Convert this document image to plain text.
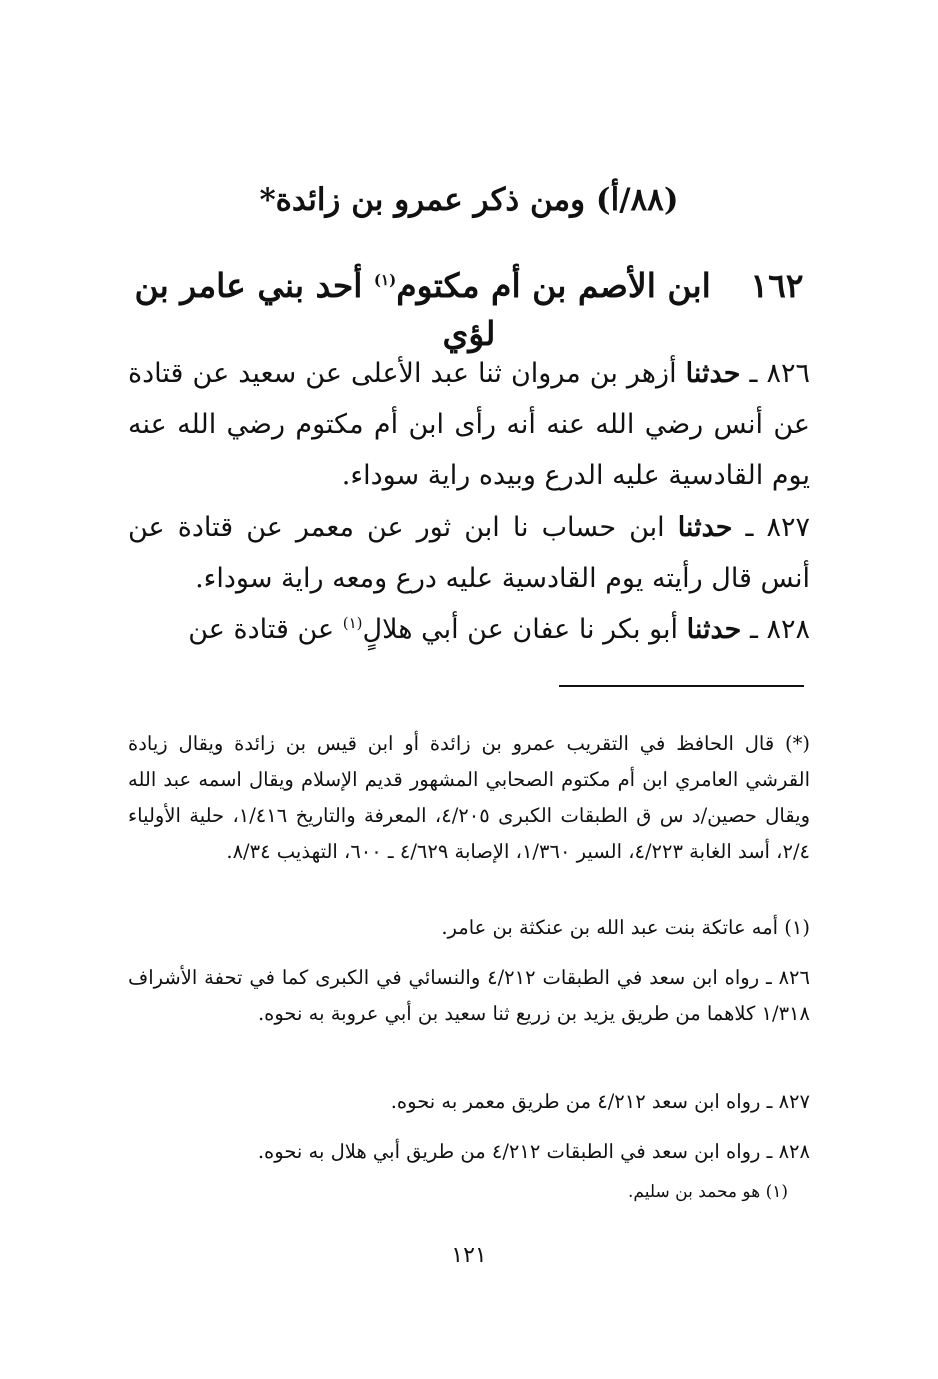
(٨٨/أ) ومن ذكر عمرو بن زائدة*
١٦٢ ابن الأصم بن أم مكتوم$^{(١)}$ أحد بني عامر بن لؤي
٨٢٦ ـ حدثنا أزهر بن مروان ثنا عبد الأعلى عن سعيد عن قتادة عن أنس رضي الله عنه أنه رأى ابن أم مكتوم رضي الله عنه يوم القادسية عليه الدرع وبيده راية سوداء.
٨٢٧ ـ حدثنا ابن حساب نا ابن ثور عن معمر عن قتادة عن أنس قال رأيته يوم القادسية عليه درع ومعه راية سوداء.
٨٢٨ ـ حدثنا أبو بكر نا عفان عن أبي هلالٍ$^{(١)}$ عن قتادة عن
(*) قال الحافظ في التقريب عمرو بن زائدة أو ابن قيس بن زائدة ويقال زيادة القرشي العامري ابن أم مكتوم الصحابي المشهور قديم الإسلام ويقال اسمه عبد الله ويقال حصين/د س ق الطبقات الكبرى ٤/٢٠٥، المعرفة والتاريخ ١/٤١٦، حلية الأولياء ٢/٤، أسد الغابة ٤/٢٢٣، السير ١/٣٦٠، الإصابة ٤/٦٢٩ ـ ٦٠٠، التهذيب ٨/٣٤.
(١) أمه عاتكة بنت عبد الله بن عنكثة بن عامر.
٨٢٦ ـ رواه ابن سعد في الطبقات ٤/٢١٢ والنسائي في الكبرى كما في تحفة الأشراف ١/٣١٨ كلاهما من طريق يزيد بن زريع ثنا سعيد بن أبي عروبة به نحوه.
٨٢٧ ـ رواه ابن سعد ٤/٢١٢ من طريق معمر به نحوه.
٨٢٨ ـ رواه ابن سعد في الطبقات ٤/٢١٢ من طريق أبي هلال به نحوه.
(١) هو محمد بن سليم.
١٢١
